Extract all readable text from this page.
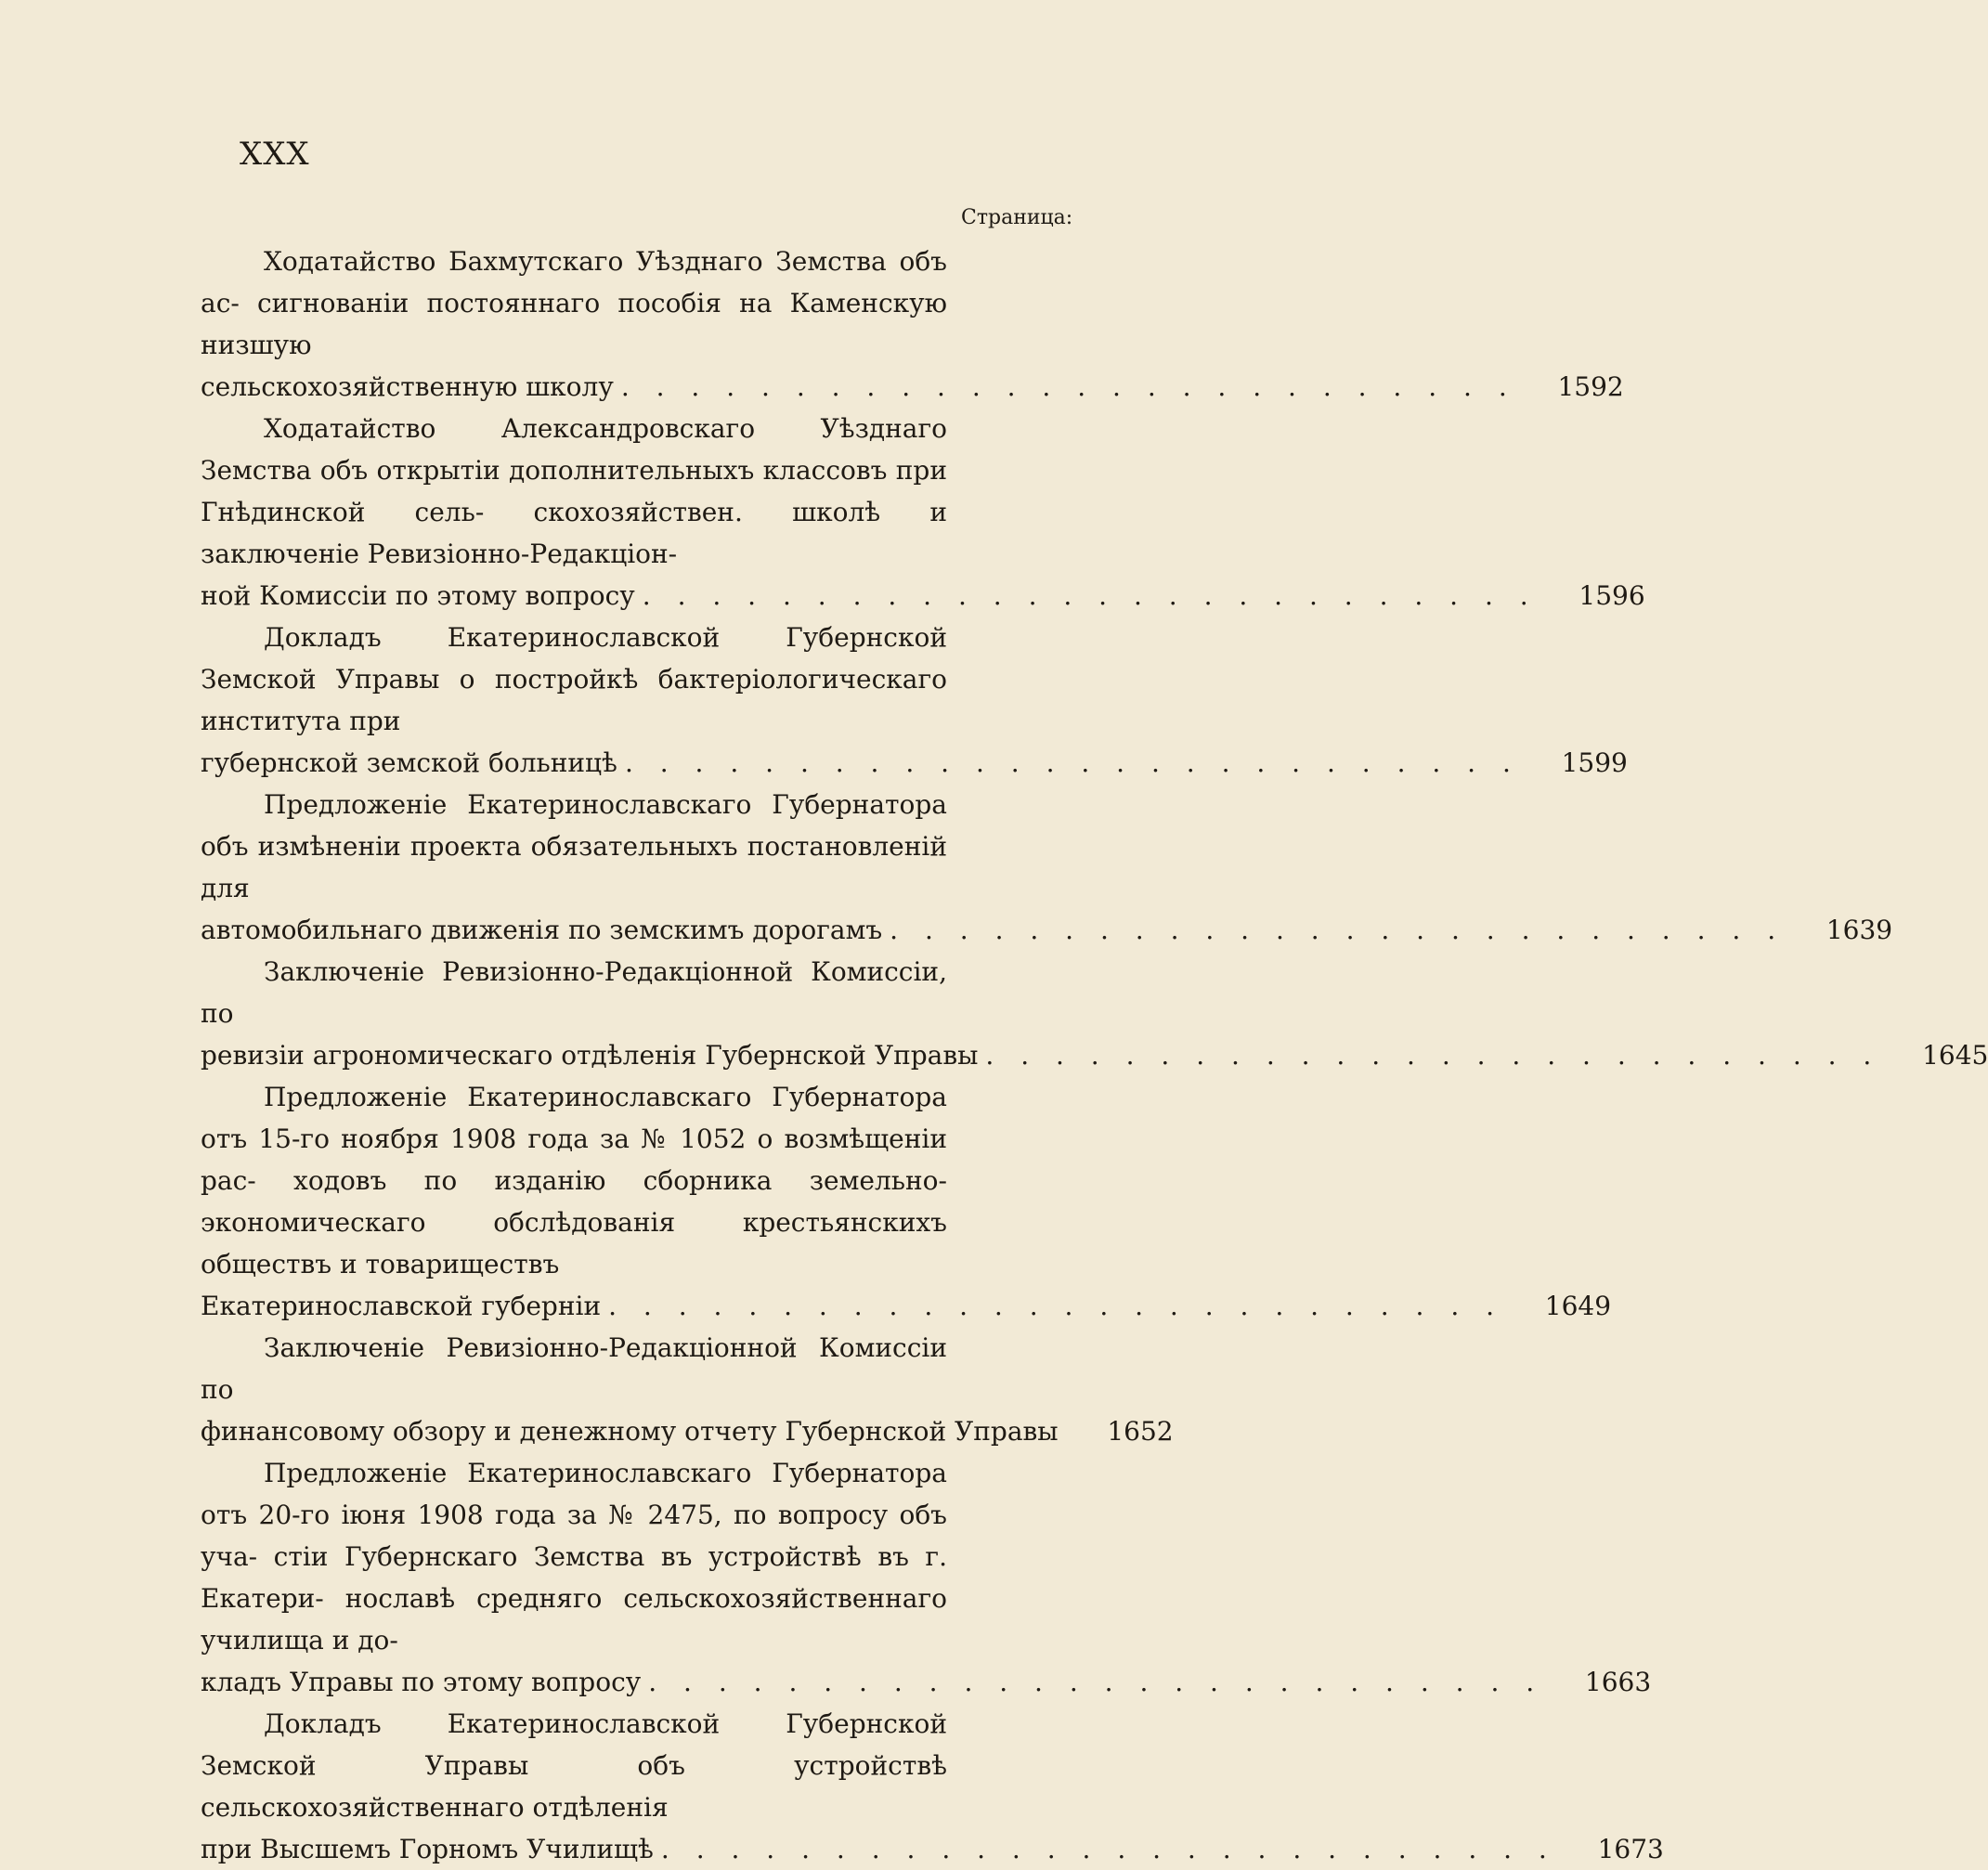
XXX
Страница:

Ходатайство Бахмутскаго Уѣзднаго Земства объ ас- сигнованіи постояннаго пособія на Каменскую низшую

сельскохозяйственную школу . . . . . . . . . . . . . . . . . . . . . . . . . . 1592

Ходатайство Александровскаго Уѣзднаго Земства объ открытіи дополнительныхъ классовъ при Гнѣдинской сель- скохозяйствен. школѣ и заключеніе Ревизіонно-Редакціон-

ной Комиссіи по этому вопросу . . . . . . . . . . . . . . . . . . . . . . . . . . 1596

Докладъ Екатеринославской Губернской Земской Управы о постройкѣ бактеріологическаго института при

губернской земской больницѣ . . . . . . . . . . . . . . . . . . . . . . . . . . 1599

Предложеніе Екатеринославскаго Губернатора объ измѣненіи проекта обязательныхъ постановленій для

автомобильнаго движенія по земскимъ дорогамъ . . . . . . . . . . . . . . . . . . . . . . . . . . 1639

Заключеніе Ревизіонно-Редакціонной Комиссіи, по

ревизіи агрономическаго отдѣленія Губернской Управы . . . . . . . . . . . . . . . . . . . . . . . . . . 1645

Предложеніе Екатеринославскаго Губернатора отъ 15-го ноября 1908 года за № 1052 о возмѣщеніи рас- ходовъ по изданію сборника земельно-экономическаго обслѣдованія крестьянскихъ обществъ и товариществъ

Екатеринославской губерніи . . . . . . . . . . . . . . . . . . . . . . . . . . 1649

Заключеніе Ревизіонно-Редакціонной Комиссіи по

финансовому обзору и денежному отчету Губернской Управы 1652

Предложеніе Екатеринославскаго Губернатора отъ 20-го іюня 1908 года за № 2475, по вопросу объ уча- стіи Губернскаго Земства въ устройствѣ въ г. Екатери- нославѣ средняго сельскохозяйственнаго училища и до-

кладъ Управы по этому вопросу . . . . . . . . . . . . . . . . . . . . . . . . . . 1663

Докладъ Екатеринославской Губернской Земской Управы объ устройствѣ сельскохозяйственнаго отдѣленія

при Высшемъ Горномъ Училищѣ . . . . . . . . . . . . . . . . . . . . . . . . . . 1673
